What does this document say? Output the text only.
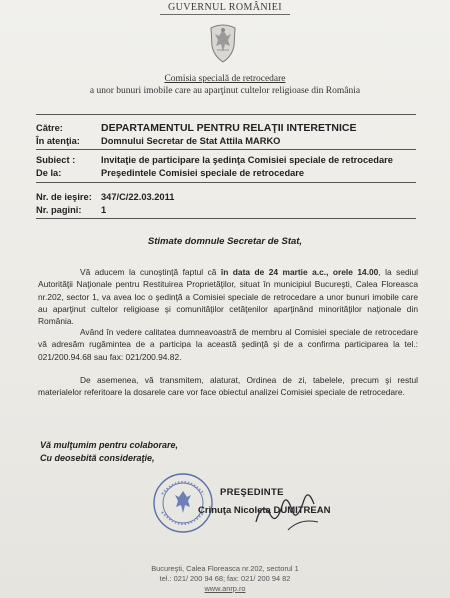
GUVERNUL ROMÂNIEI
Comisia specială de retrocedare
a unor bunuri imobile care au aparţinut cultelor religioase din România
Către:	DEPARTAMENTUL PENTRU RELAŢII INTERETNICE
În atenţia: Domnului Secretar de Stat Attila MARKO
Subiect :	Invitaţie de participare la şedinţa Comisiei speciale de retrocedare
De la:	Preşedintele Comisiei speciale de retrocedare
Nr. de ieşire: 347/C/22.03.2011
Nr. pagini: 1
Stimate domnule Secretar de Stat,
Vă aducem la cunoştinţă faptul că în data de 24 martie a.c., orele 14.00, la sediul Autorităţii Naţionale pentru Restituirea Proprietăţilor, situat în municipiul Bucureşti, Calea Floreasca nr.202, sector 1, va avea loc o şedinţă a Comisiei speciale de retrocedare a unor bunuri imobile care au aparţinut cultelor religioase şi comunităţilor cetăţenilor aparţinând minorităţilor naţionale din România.
Având în vedere calitatea dumneavoastră de membru al Comisiei speciale de retrocedare vă adresăm rugămintea de a participa la această şedinţă şi de a confirma participarea la tel.: 021/200.94.68 sau fax: 021/200.94.82.
De asemenea, vă transmitem, alaturat, Ordinea de zi, tabelele, precum şi restul materialelor referitoare la dosarele care vor face obiectul analizei Comisiei speciale de retrocedare.
Vă mulţumim pentru colaborare,
Cu deosebită consideraţie,
PREŞEDINTE
Crinuţa Nicoleta DUMITREAN
Bucureşti, Calea Floreasca nr.202, sectorul 1
tel.: 021/ 200 94 68; fax: 021/ 200 94 82
www.anrp.ro
